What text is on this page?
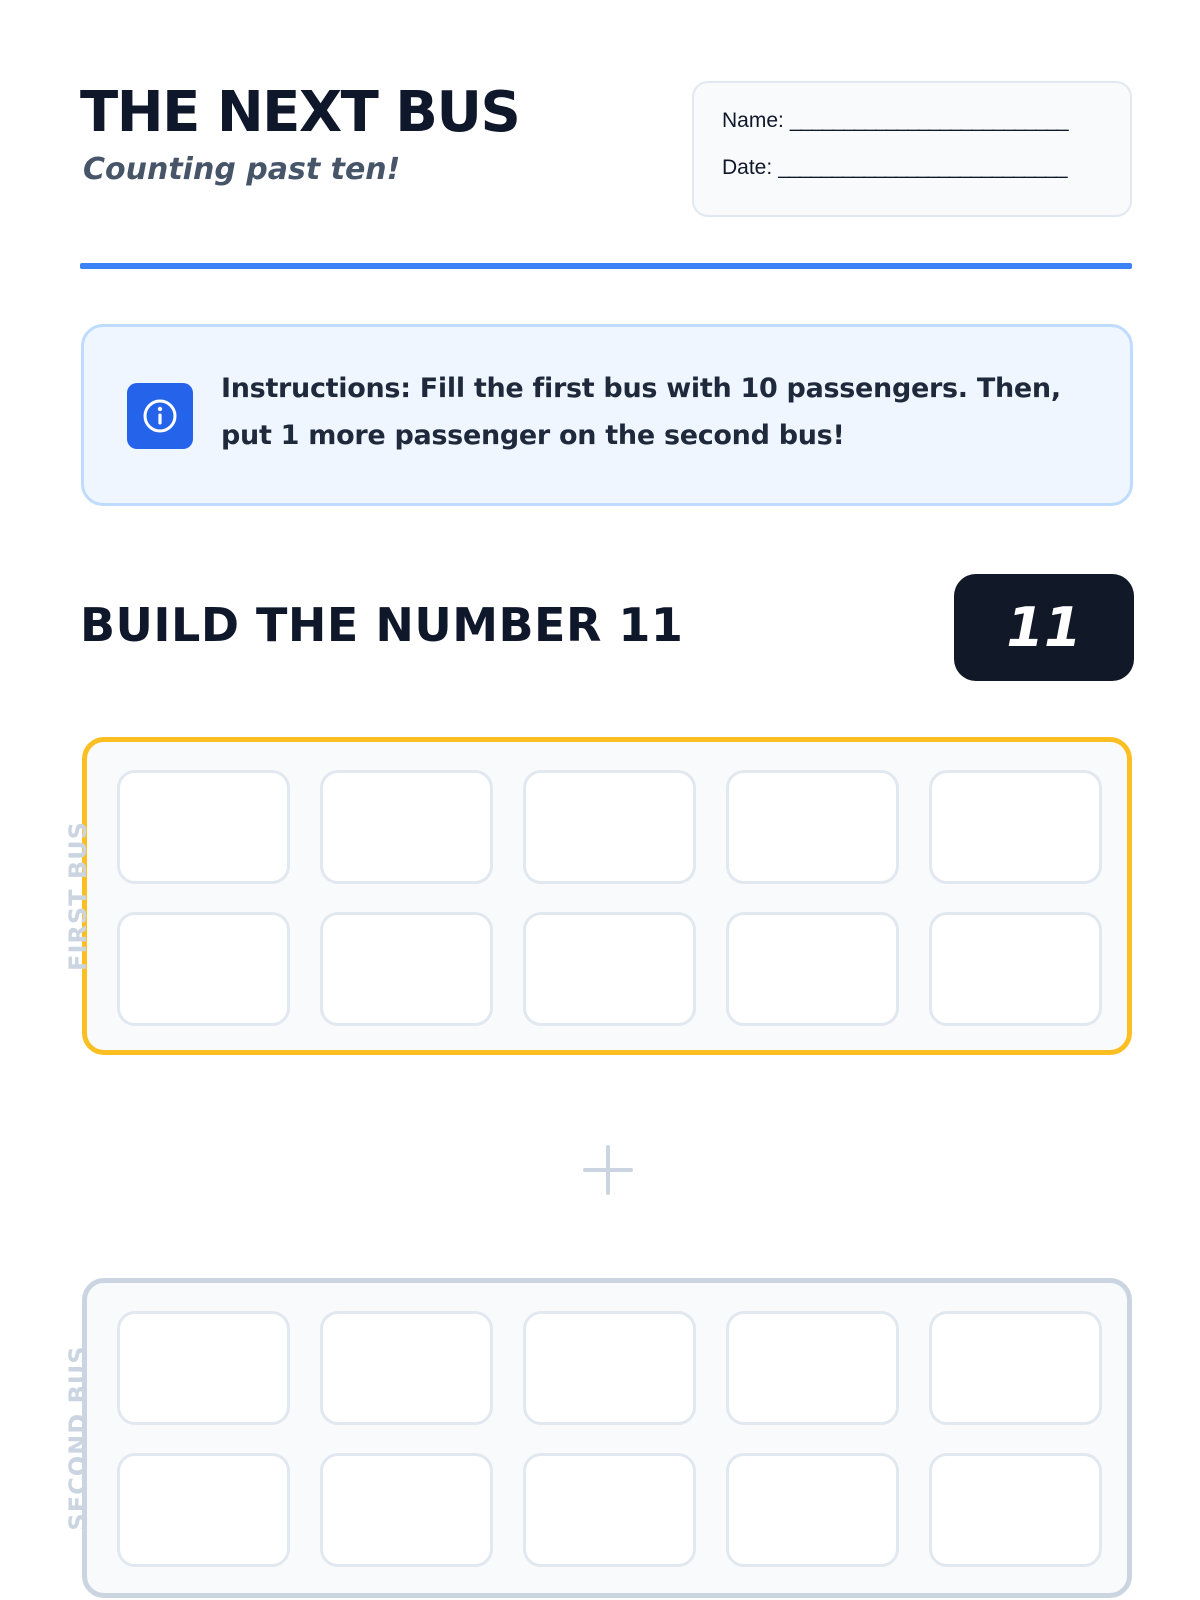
THE NEXT BUS
Counting past ten!
Name: __________________________
Date: ___________________________
Instructions: Fill the first bus with 10 passengers. Then, put 1 more passenger on the second bus!
BUILD THE NUMBER 11	11
FIRST BUS
SECOND BUS
